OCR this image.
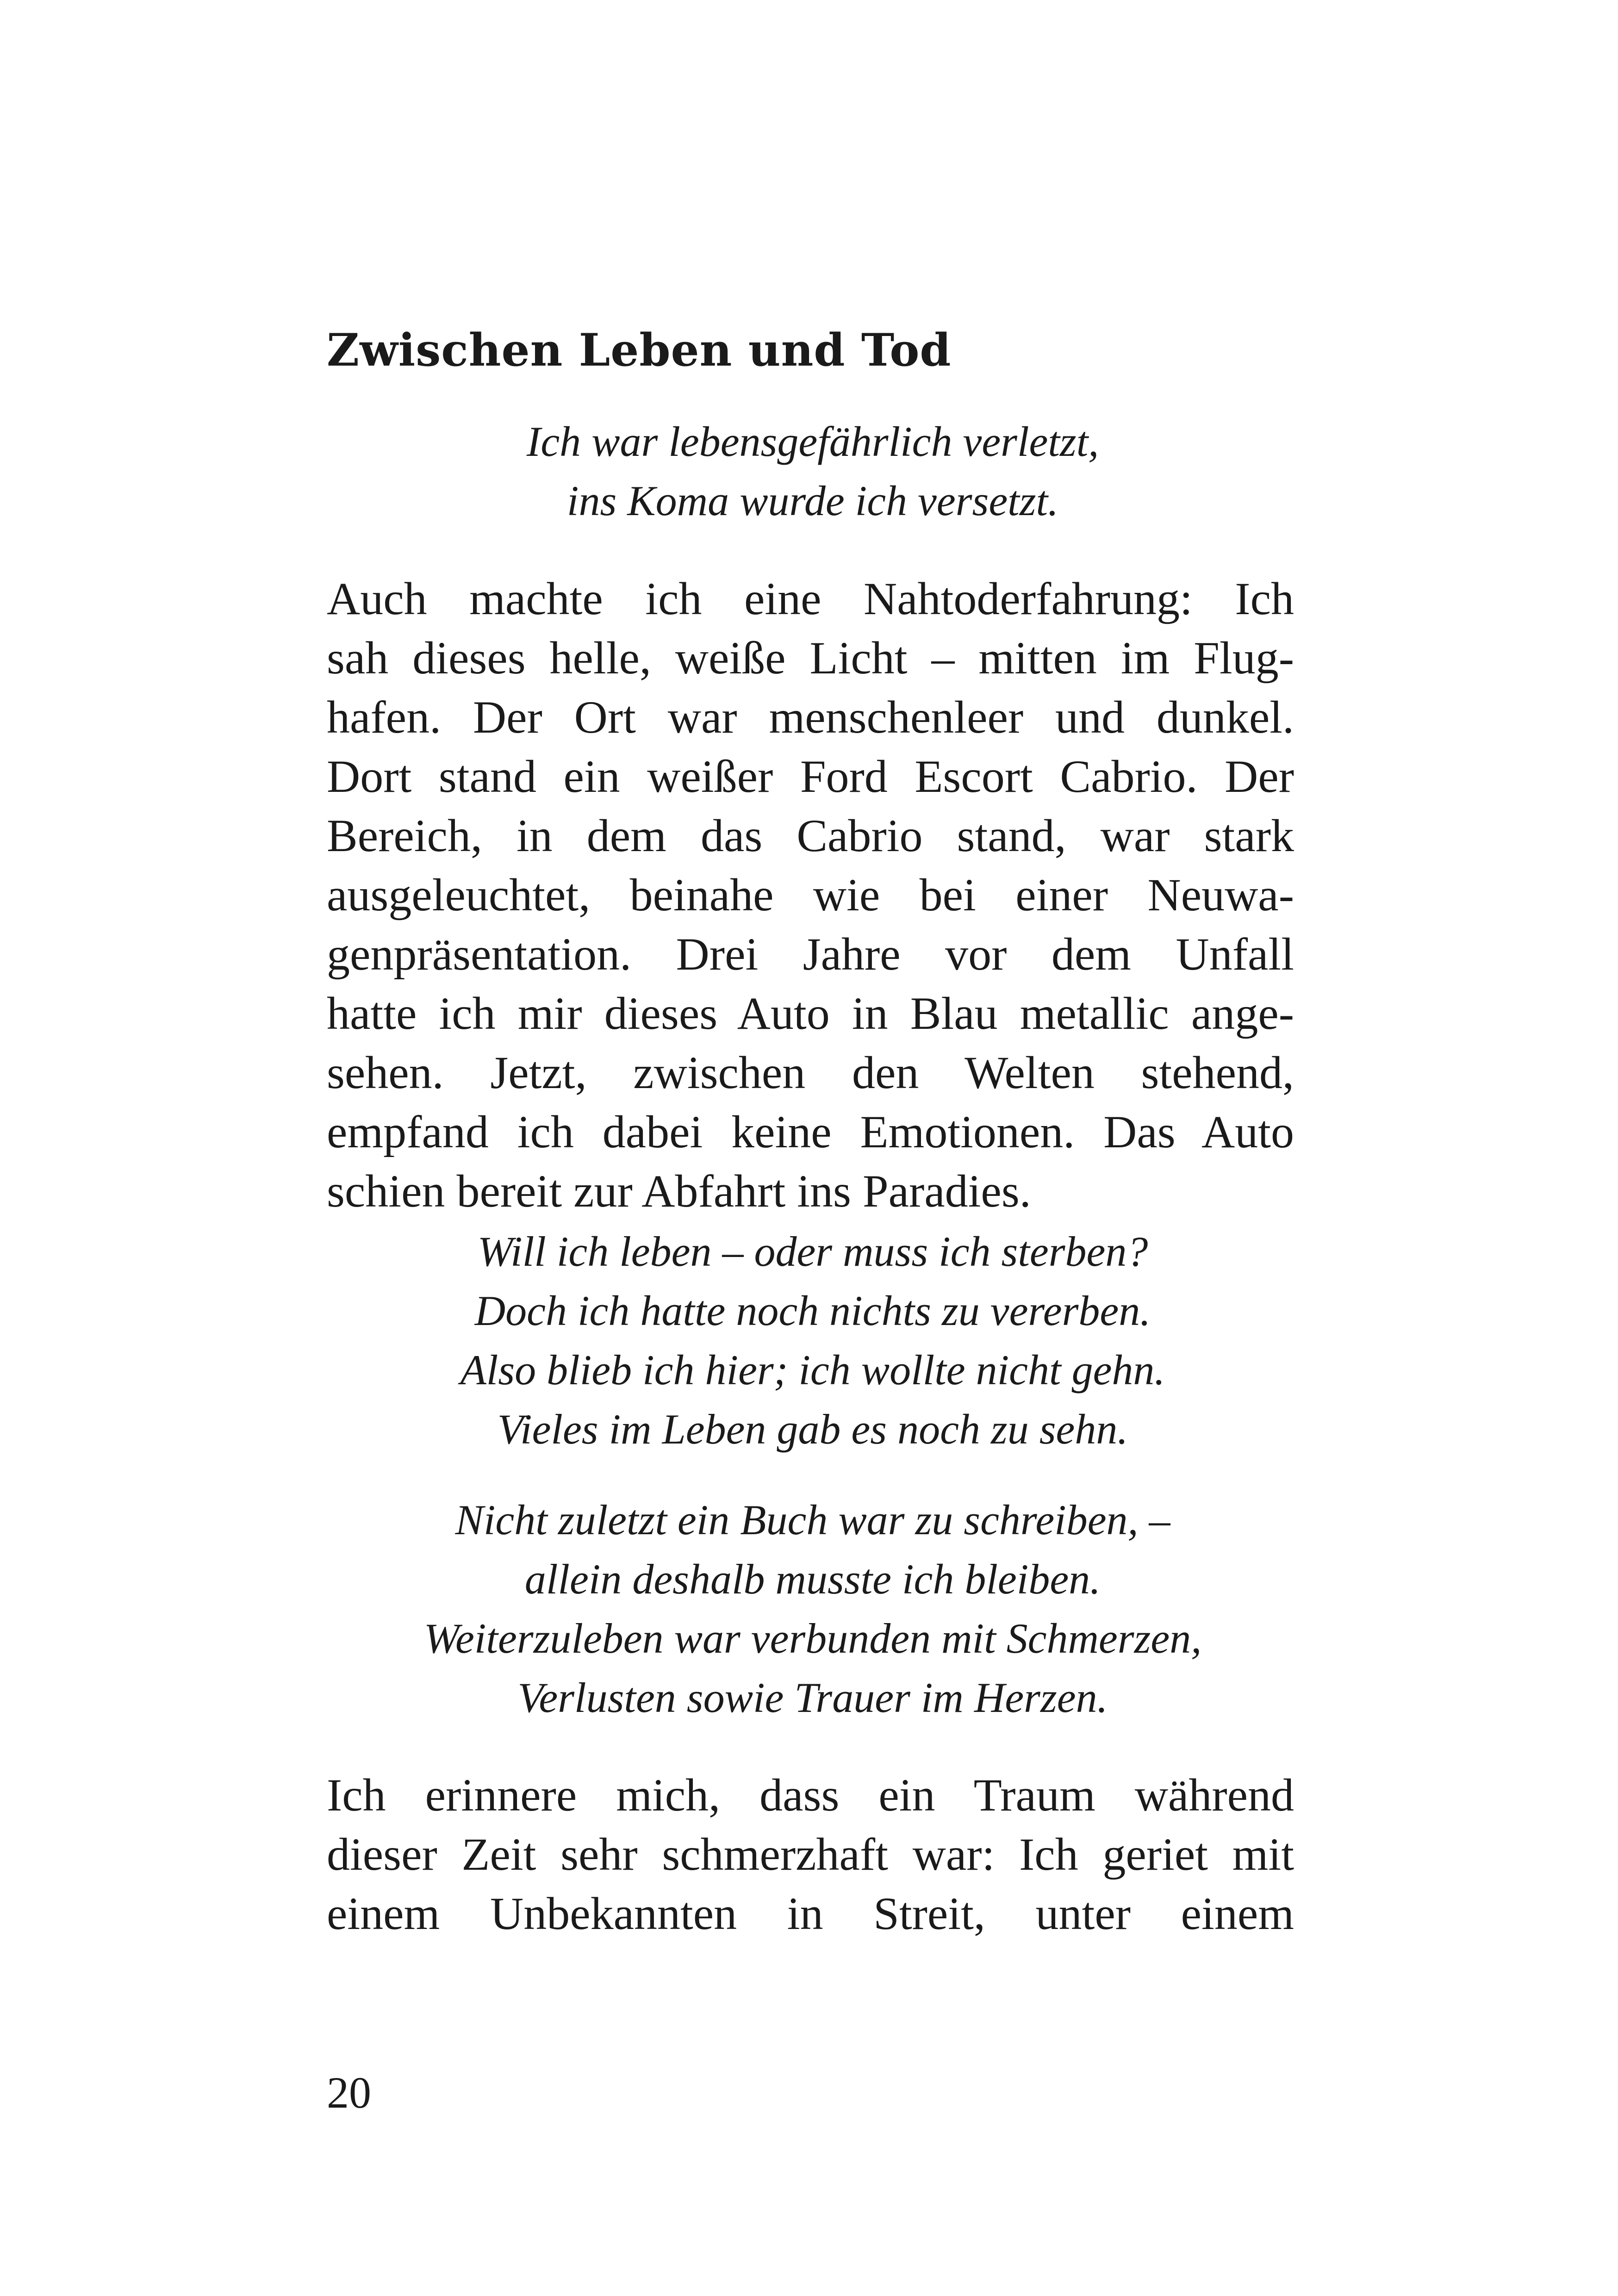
Zwischen Leben und Tod
Ich war lebensgefährlich verletzt,
ins Koma wurde ich versetzt.
Auch machte ich eine Nahtoderfahrung: Ich
sah dieses helle, weiße Licht – mitten im Flug-
hafen. Der Ort war menschenleer und dunkel.
Dort stand ein weißer Ford Escort Cabrio. Der
Bereich, in dem das Cabrio stand, war stark
ausgeleuchtet, beinahe wie bei einer Neuwa-
genpräsentation. Drei Jahre vor dem Unfall
hatte ich mir dieses Auto in Blau metallic ange-
sehen. Jetzt, zwischen den Welten stehend,
empfand ich dabei keine Emotionen. Das Auto
schien bereit zur Abfahrt ins Paradies.
Will ich leben – oder muss ich sterben?
Doch ich hatte noch nichts zu vererben.
Also blieb ich hier; ich wollte nicht gehn.
Vieles im Leben gab es noch zu sehn.
Nicht zuletzt ein Buch war zu schreiben, –
allein deshalb musste ich bleiben.
Weiterzuleben war verbunden mit Schmerzen,
Verlusten sowie Trauer im Herzen.
Ich erinnere mich, dass ein Traum während
dieser Zeit sehr schmerzhaft war: Ich geriet mit
einem Unbekannten in Streit, unter einem
20
